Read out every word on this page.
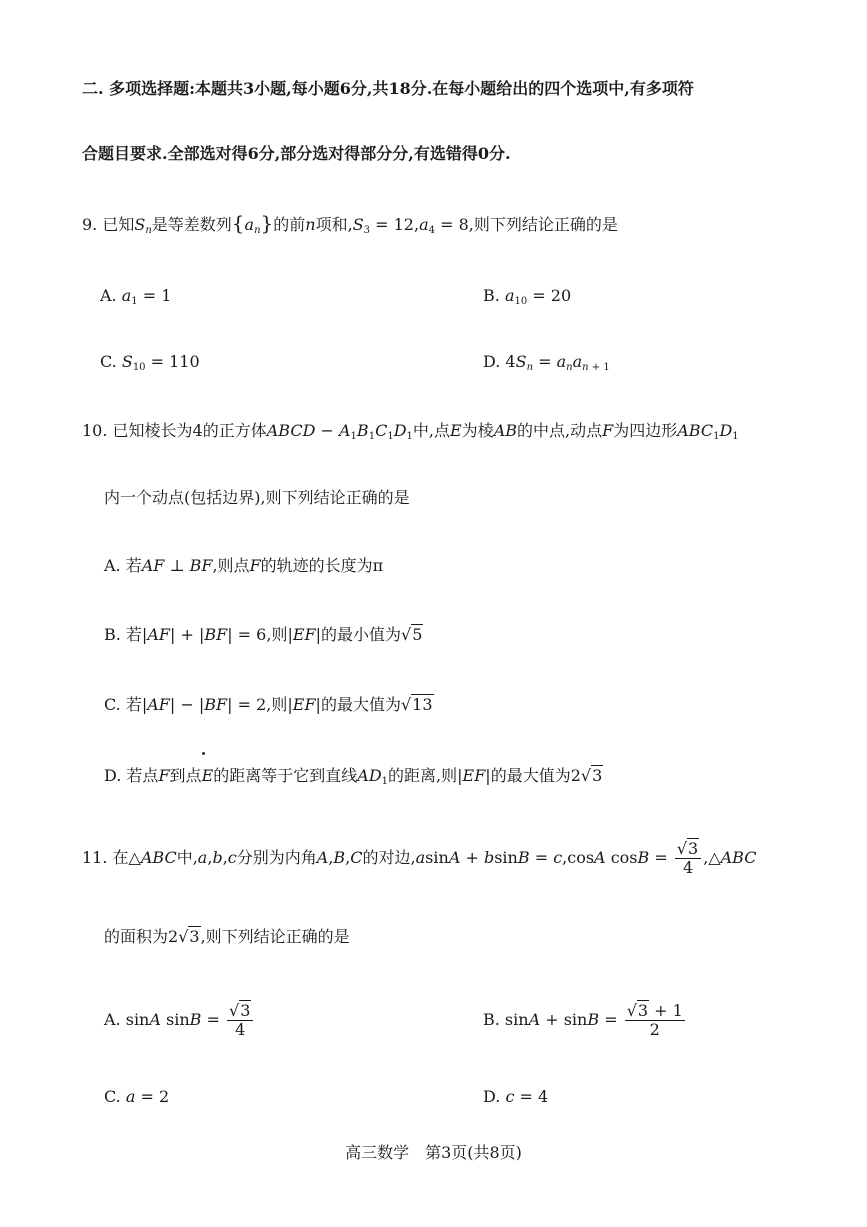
二. 多项选择题:本题共3小题,每小题6分,共18分.在每小题给出的四个选项中,有多项符
合题目要求.全部选对得6分,部分选对得部分分,有选错得0分.
9. 已知$S_n$是等差数列$\{a_n\}$的前n项和$,S_3 = 12,a_4 = 8$,则下列结论正确的是
A. $a_1 = 1$	B. $a_{10} = 20$
C. $S_{10} = 110$	D. $4S_n = a_na_{n + 1}$
10. 已知棱长为4的正方体ABCD − $A_1B_1C_1D_1$中,点E为棱AB的中点,动点F为四边形$ABC_1D_1$
内一个动点(包括边界),则下列结论正确的是
A. 若AF ⊥ BF,则点F的轨迹的长度为π
B. 若|AF| + |BF| = 6,则|EF|的最小值为√5
C. 若|AF| − |BF| = 2,则|EF|的最大值为√13
D. 若点F到点E的距离等于它到直线$AD_1$的距离,则|EF|的最大值为2√3
11. 在△ABC中,a,b,c分别为内角A,B,C的对边,asinA + bsinB = c,cosA $\cos B = \frac{√3}{4}$ ,△ABC
的面积为2√3,则下列结论正确的是
A. sinA $\sin B = \frac{√3}{4}$	B. $\sin A + \sin B = \frac{√3 + 1}{2}$
C. a = 2	D. c = 4
高三数学　第3页(共8页)
